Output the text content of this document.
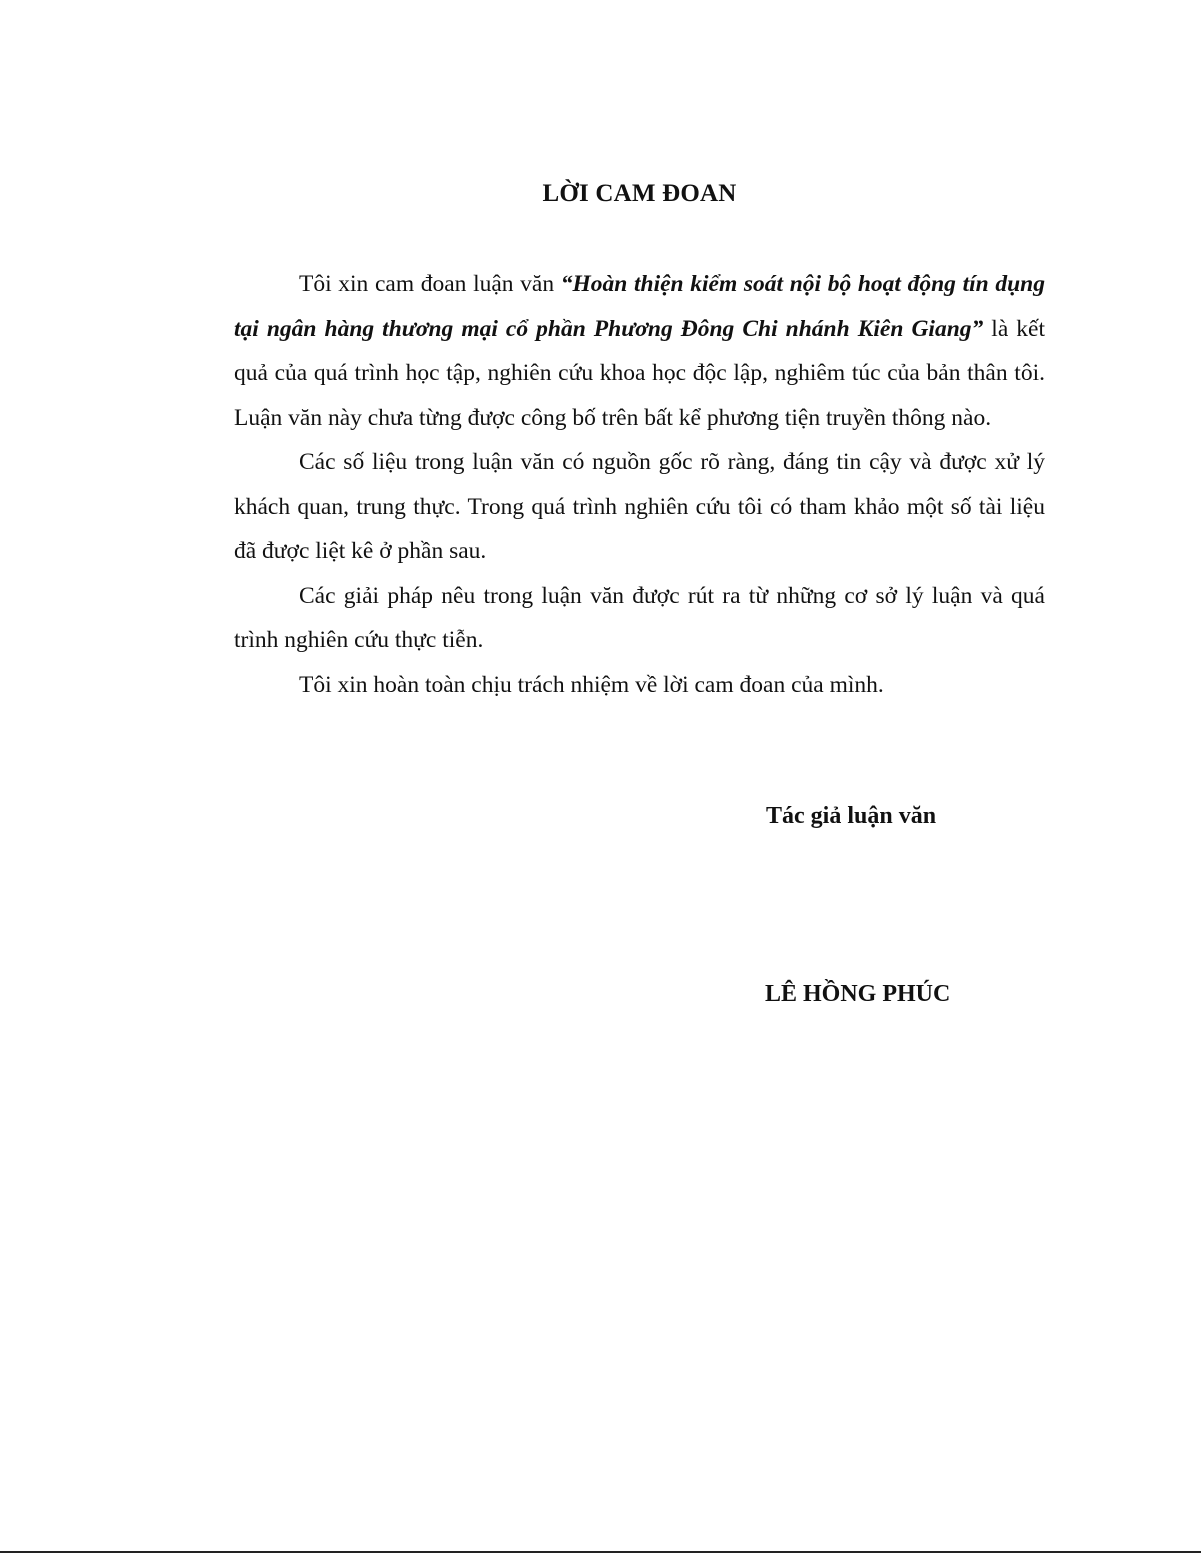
LỜI CAM ĐOAN

Tôi xin cam đoan luận văn “Hoàn thiện kiểm soát nội bộ hoạt động tín dụng tại ngân hàng thương mại cổ phần Phương Đông Chi nhánh Kiên Giang” là kết quả của quá trình học tập, nghiên cứu khoa học độc lập, nghiêm túc của bản thân tôi. Luận văn này chưa từng được công bố trên bất kể phương tiện truyền thông nào.

Các số liệu trong luận văn có nguồn gốc rõ ràng, đáng tin cậy và được xử lý khách quan, trung thực. Trong quá trình nghiên cứu tôi có tham khảo một số tài liệu đã được liệt kê ở phần sau.

Các giải pháp nêu trong luận văn được rút ra từ những cơ sở lý luận và quá trình nghiên cứu thực tiễn.

Tôi xin hoàn toàn chịu trách nhiệm về lời cam đoan của mình.

Tác giả luận văn
LÊ HỒNG PHÚC
